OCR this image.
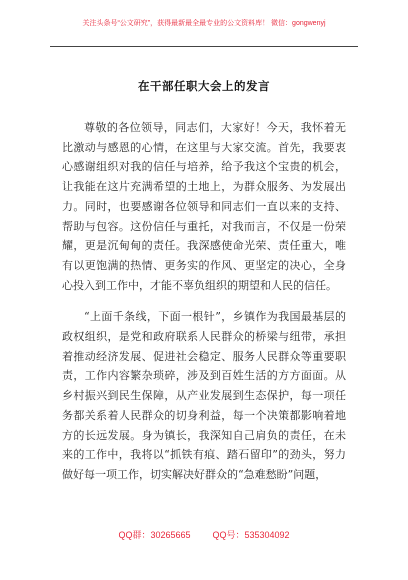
关注头条号“公文研究”，获得最新最全最专业的公文资料库！ 微信：gongwenyj
在干部任职大会上的发言

尊敬的各位领导，同志们，大家好！今天，我怀着无比激动与感恩的心情，在这里与大家交流。首先，我要衷心感谢组织对我的信任与培养，给予我这个宝贵的机会，让我能在这片充满希望的土地上，为群众服务、为发展出力。同时，也要感谢各位领导和同志们一直以来的支持、帮助与包容。这份信任与重托，对我而言，不仅是一份荣耀，更是沉甸甸的责任。我深感使命光荣、责任重大，唯有以更饱满的热情、更务实的作风、更坚定的决心，全身心投入到工作中，才能不辜负组织的期望和人民的信任。

“上面千条线，下面一根针”，乡镇作为我国最基层的政权组织，是党和政府联系人民群众的桥梁与纽带，承担着推动经济发展、促进社会稳定、服务人民群众等重要职责，工作内容繁杂琐碎，涉及到百姓生活的方方面面。从乡村振兴到民生保障，从产业发展到生态保护，每一项任务都关系着人民群众的切身利益，每一个决策都影响着地方的长远发展。身为镇长，我深知自己肩负的责任，在未来的工作中，我将以“抓铁有痕、踏石留印”的劲头，努力做好每一项工作，切实解决好群众的“急难愁盼”问题，

QQ群：30265665 QQ号：535304092
